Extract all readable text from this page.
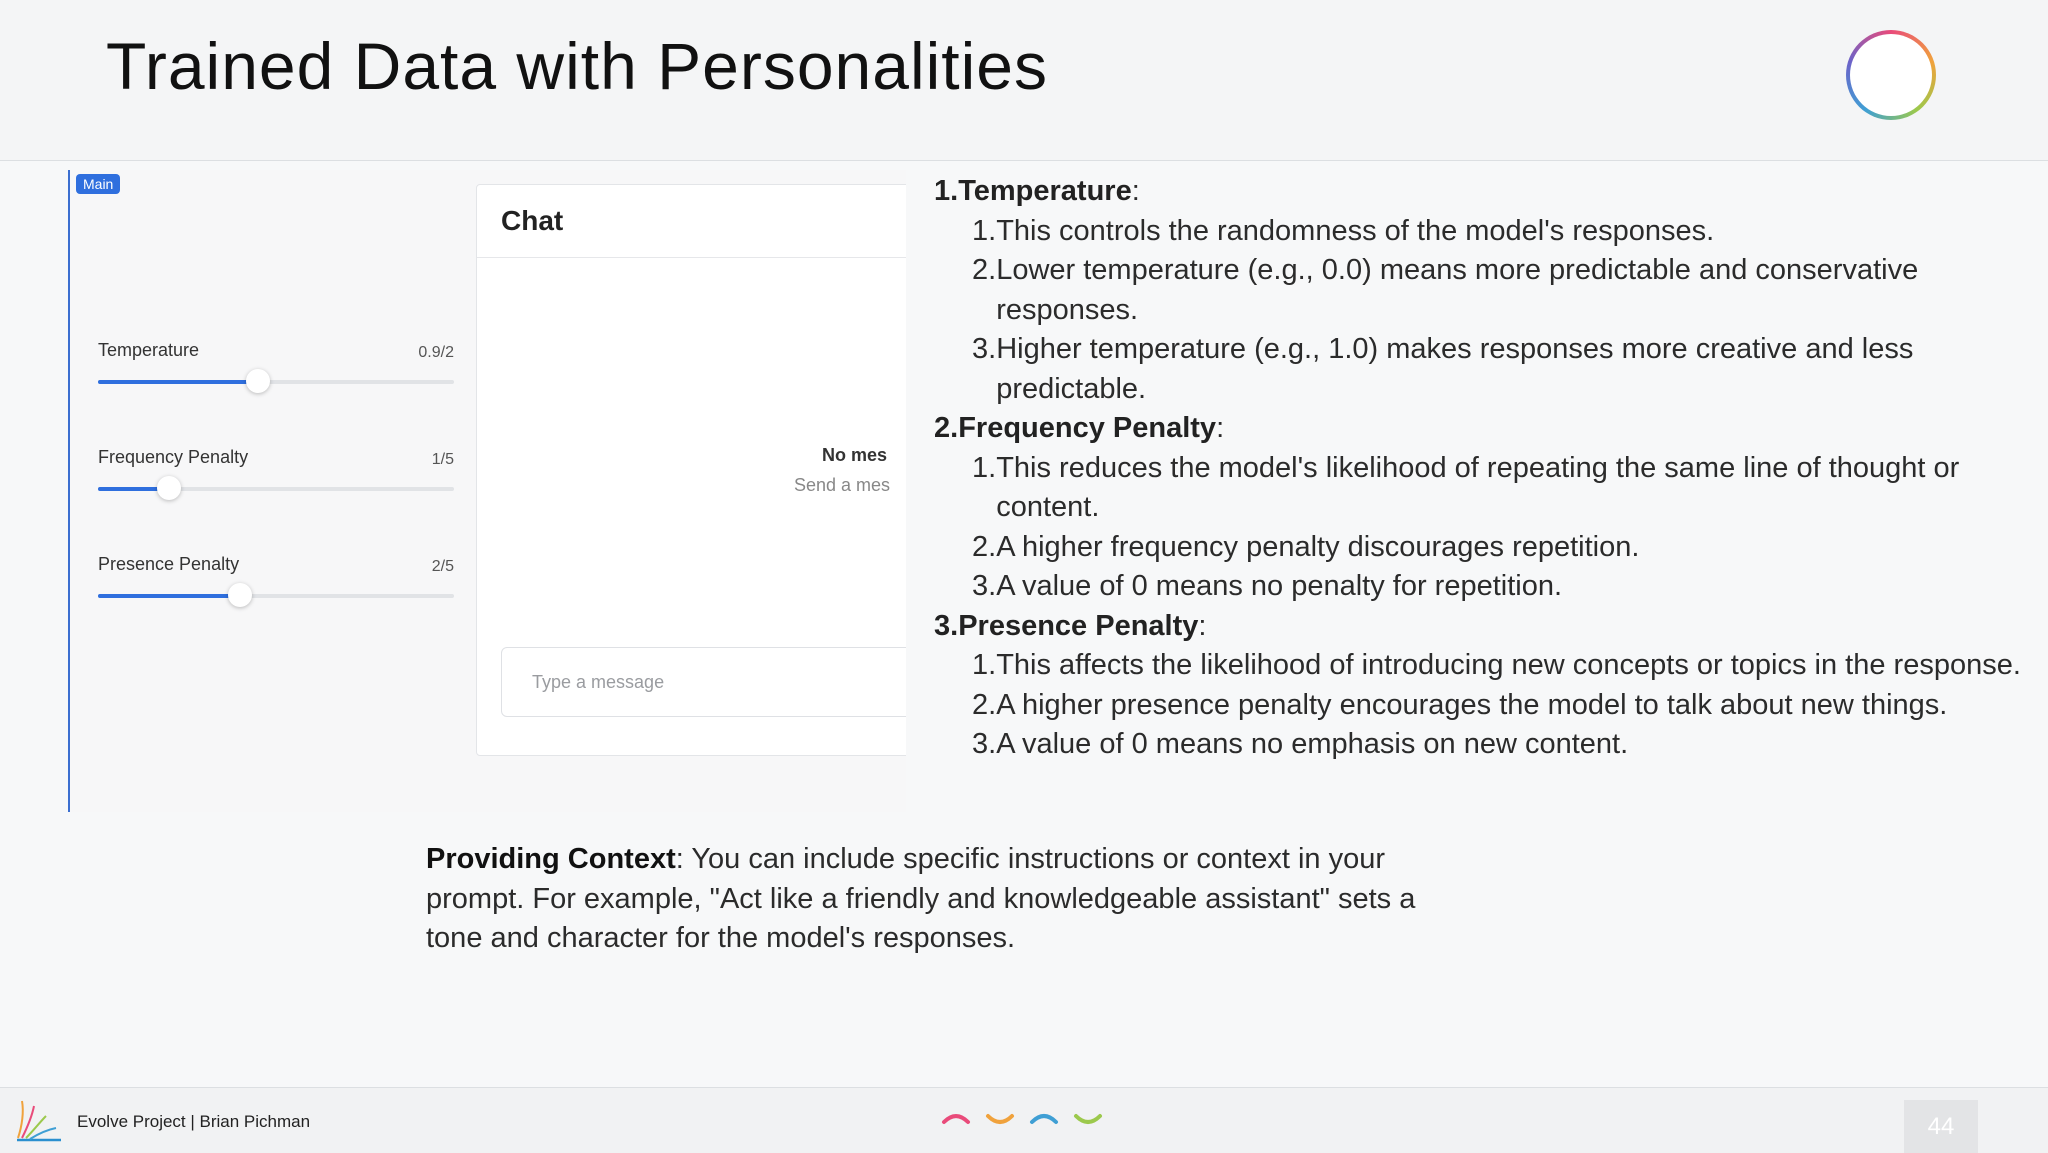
Trained Data with Personalities
Main
Temperature	0.9/2
Frequency Penalty	1/5
Presence Penalty	2/5
Chat
No mes
Send a mes
Type a message
1. Temperature :
1. This controls the randomness of the model's responses.
2. Lower temperature (e.g., 0.0) means more predictable and conservative responses.
3. Higher temperature (e.g., 1.0) makes responses more creative and less predictable.
2. Frequency Penalty :
1. This reduces the model's likelihood of repeating the same line of thought or content.
2. A higher frequency penalty discourages repetition.
3. A value of 0 means no penalty for repetition.
3. Presence Penalty :
1. This affects the likelihood of introducing new concepts or topics in the response.
2. A higher presence penalty encourages the model to talk about new things.
3. A value of 0 means no emphasis on new content.
Providing Context: You can include specific instructions or context in your prompt. For example, "Act like a friendly and knowledgeable assistant" sets a tone and character for the model's responses.
Evolve Project | Brian Pichman	44
